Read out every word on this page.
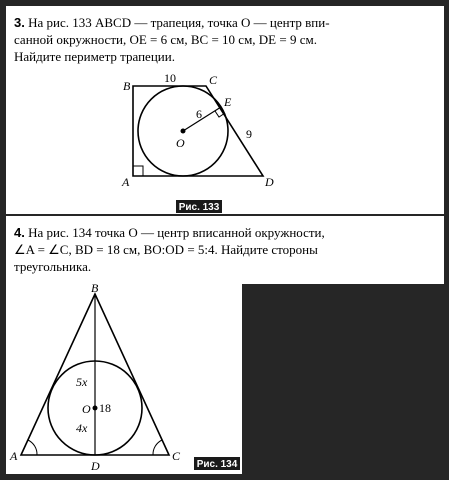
3. На рис. 133 ABCD — трапеция, точка O — центр впи-
санной окружности, OE = 6 см, BC = 10 см, DE = 9 см.
Найдите периметр трапеции.
B	C
E
A	D
O
10
6
9
Рис. 133
4. На рис. 134 точка O — центр вписанной окружности,
∠A = ∠C, BD = 18 см, BO:OD = 5:4. Найдите стороны
треугольника.
B
A	C
D
O
5x
4x
18
Рис. 134
